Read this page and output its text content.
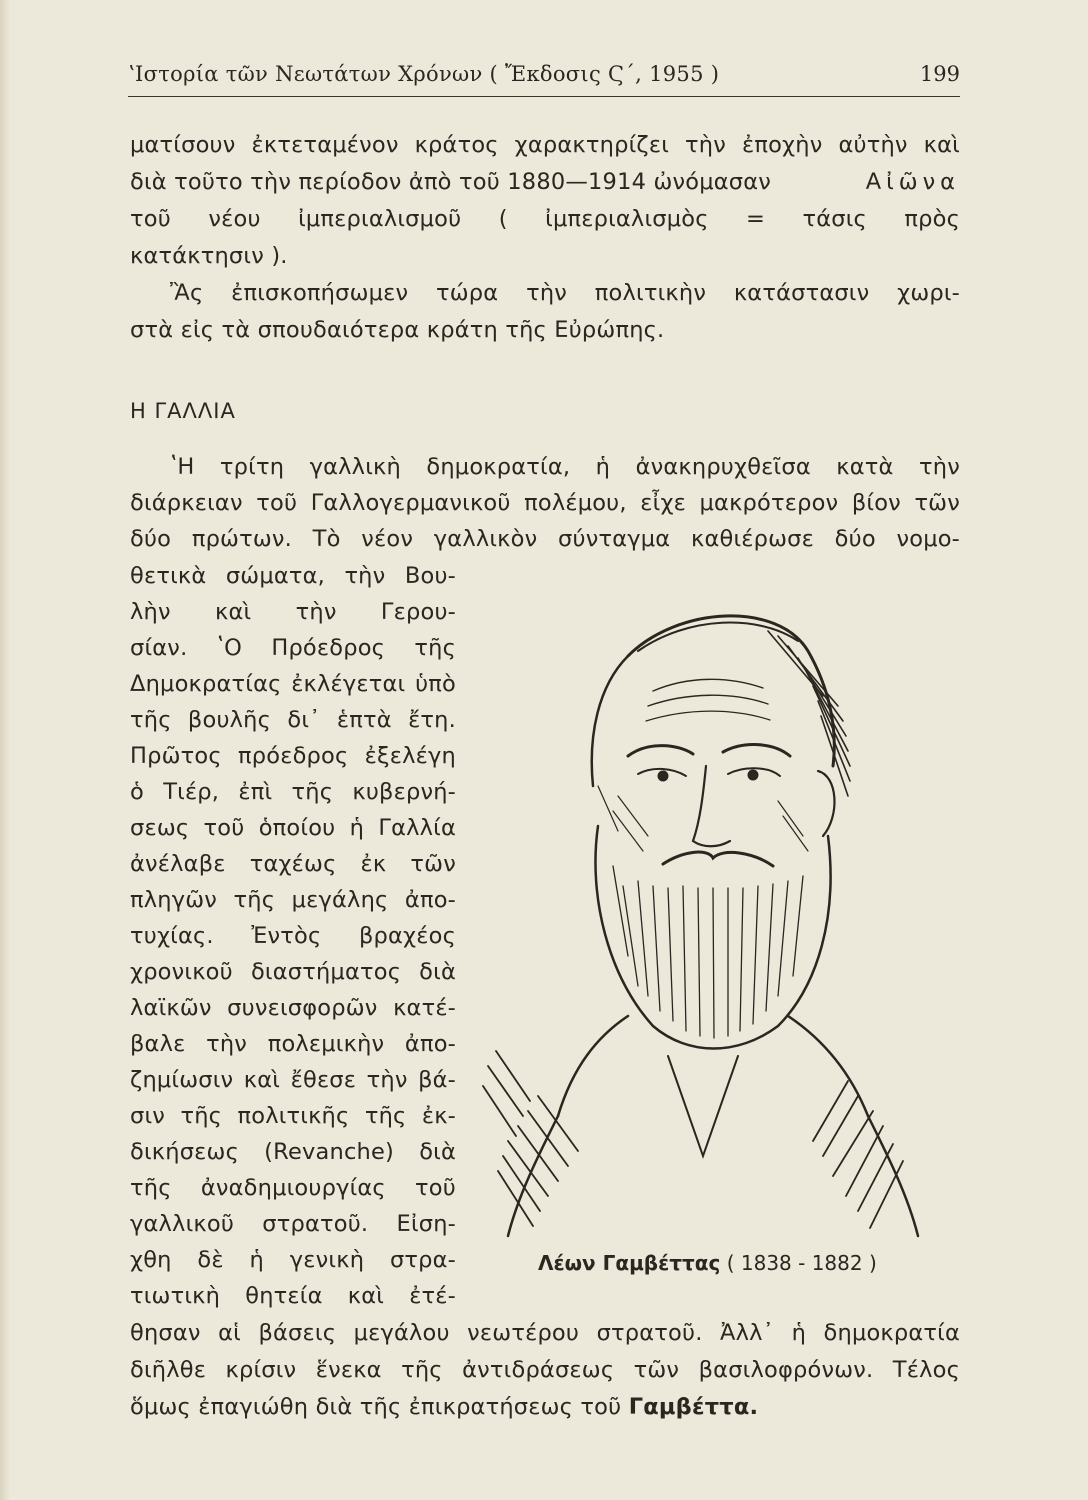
ʽΙστορία τῶν Νεωτάτων Χρόνων ( Ἔκδοσις Ϛ΄, 1955 )	199
ματίσουν ἐκτεταμένον κράτος χαρακτηρίζει τὴν ἐποχὴν αὐτὴν καὶ
διὰ τοῦτο τὴν περίοδον ἀπὸ τοῦ 1880—1914 ὠνόμασαν	Αἰῶνα
τοῦ νέου ἰμπεριαλισμοῦ ( ἰμπεριαλισμὸς = τάσις πρὸς
κατάκτησιν ).
Ἂς ἐπισκοπήσωμεν τώρα τὴν πολιτικὴν κατάστασιν χωρι-
στὰ εἰς τὰ σπουδαιότερα κράτη τῆς Εὐρώπης.
Η ΓΑΛΛΙΑ
ʽΗ τρίτη γαλλικὴ δημοκρατία, ἡ ἀνακηρυχθεῖσα κατὰ τὴν
διάρκειαν τοῦ Γαλλογερμανικοῦ πολέμου, εἶχε μακρότερον βίον τῶν
δύο πρώτων. Τὸ νέον γαλλικὸν σύνταγμα καθιέρωσε δύο νομο-
θετικὰ σώματα, τὴν Βου-
λὴν καὶ τὴν Γερου-
σίαν. ʽΟ Πρόεδρος τῆς
Δημοκρατίας ἐκλέγεται ὑπὸ
τῆς βουλῆς δι᾽ ἑπτὰ ἔτη.
Πρῶτος πρόεδρος ἐξελέγη
ὁ Τιέρ, ἐπὶ τῆς κυβερνή-
σεως τοῦ ὁποίου ἡ Γαλλία
ἀνέλαβε ταχέως ἐκ τῶν
πληγῶν τῆς μεγάλης ἀπο-
τυχίας. Ἐντὸς βραχέος
χρονικοῦ διαστήματος διὰ
λαϊκῶν συνεισφορῶν κατέ-
βαλε τὴν πολεμικὴν ἀπο-
ζημίωσιν καὶ ἔθεσε τὴν βά-
σιν τῆς πολιτικῆς τῆς ἐκ-
δικήσεως (Revanche) διὰ
τῆς ἀναδημιουργίας τοῦ
γαλλικοῦ στρατοῦ. Εἰση-
χθη δὲ ἡ γενικὴ στρα-
τιωτικὴ θητεία καὶ ἐτέ-
θησαν αἱ βάσεις μεγάλου νεωτέρου στρατοῦ. Ἀλλ᾽ ἡ δημοκρατία
διῆλθε κρίσιν ἕνεκα τῆς ἀντιδράσεως τῶν βασιλοφρόνων. Τέλος
ὅμως ἐπαγιώθη διὰ τῆς ἐπικρατήσεως τοῦ Γαμβέττα.
Λέων Γαμβέττας ( 1838 - 1882 )
